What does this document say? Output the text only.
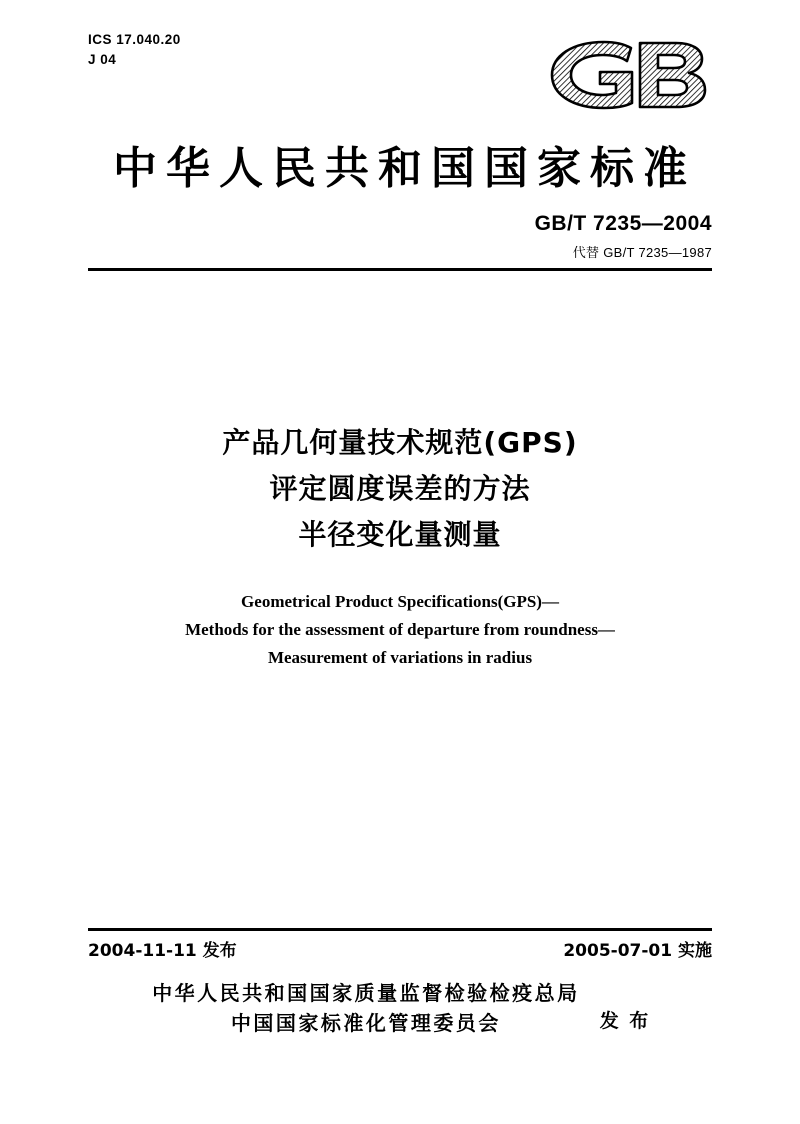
ICS 17.040.20
J 04
中华人民共和国国家标准
GB/T 7235—2004
代替 GB/T 7235—1987
产品几何量技术规范(GPS)
评定圆度误差的方法
半径变化量测量
Geometrical Product Specifications(GPS)—
Methods for the assessment of departure from roundness—
Measurement of variations in radius
2004-11-11 发布	2005-07-01 实施
中华人民共和国国家质量监督检验检疫总局
中国国家标准化管理委员会	发 布
